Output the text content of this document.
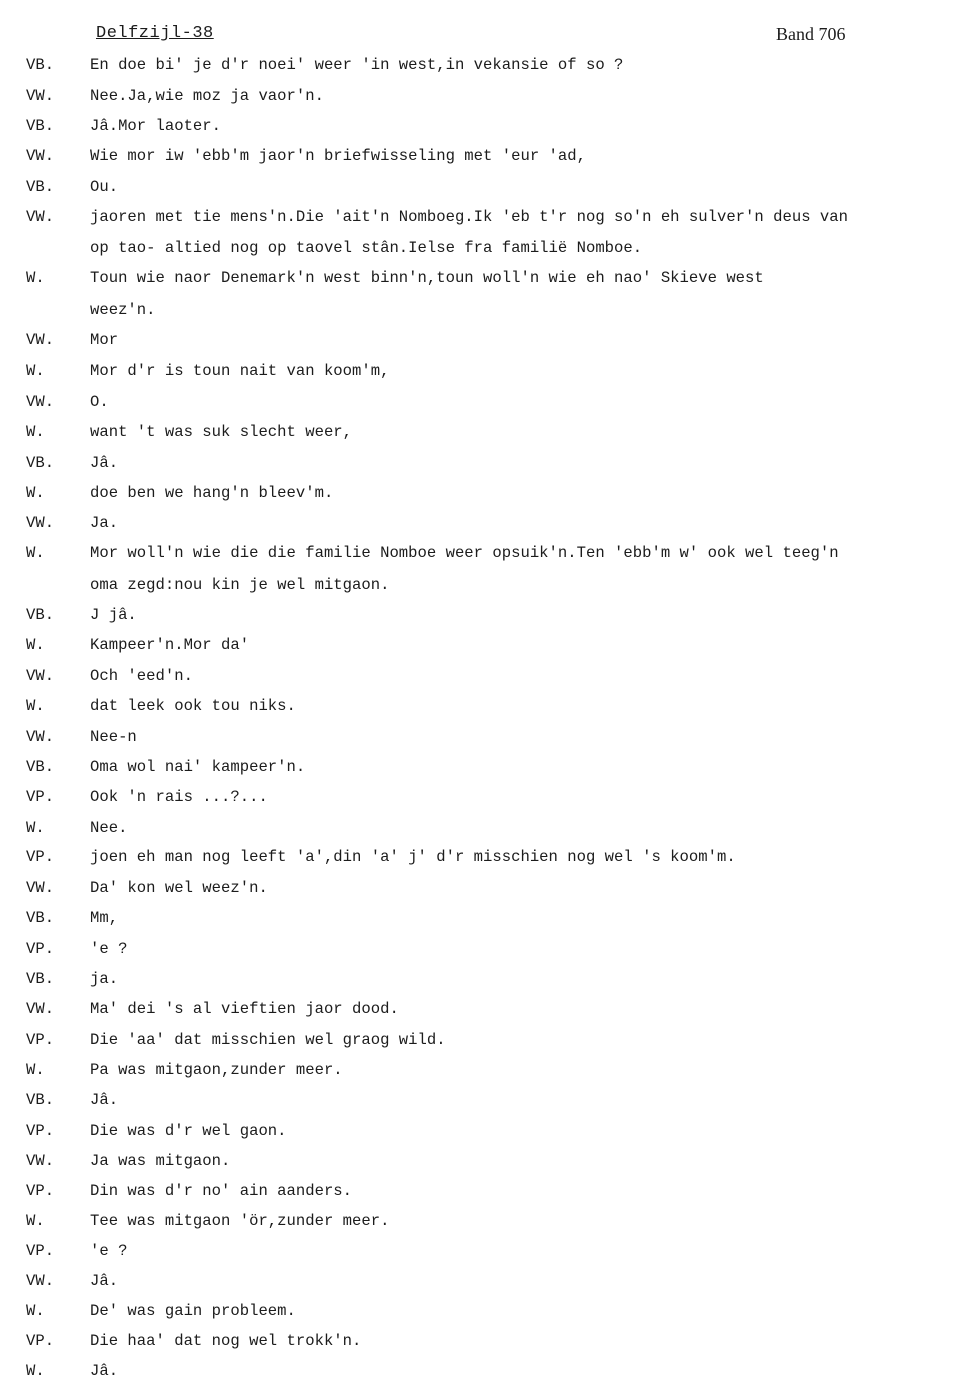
Delfzijl-38	Band 706
VB. En doe bi' je d'r noei' weer 'in west,in vekansie of so ?
VW. Nee.Ja,wie moz ja vaor'n.
VB. Jâ.Mor laoter.
VW. Wie mor iw 'ebb'm jaor'n briefwisseling met 'eur 'ad,
VB. Ou.
VW. jaoren met tie mens'n.Die 'ait'n Nomboeg.Ik 'eb t'r nog so'n eh sulver'n deus van
op tao- altied nog op taovel stân.Ielse fra familië Nomboe.
W.	Toun wie naor Denemark'n west binn'n,toun woll'n wie eh nao' Skieve west
weez'n.
VW. Mor
W.	Mor d'r is toun nait van koom'm,
VW. O.
W.	want 't was suk slecht weer,
VB. Jâ.
W.	doe ben we hang'n bleev'm.
VW. Ja.
W.	Mor woll'n wie die die familie Nomboe weer opsuik'n.Ten 'ebb'm w' ook wel teeg'n
oma zegd:nou kin je wel mitgaon.
VB. J jâ.
W.	Kampeer'n.Mor da'
VW. Och 'eed'n.
W.	dat leek ook tou niks.
VW. Nee-n
VB. Oma wol nai' kampeer'n.
VP. Ook 'n rais ...?...
W.	Nee.
VP. joen eh man nog leeft 'a',din 'a' j' d'r misschien nog wel 's koom'm.
VW. Da' kon wel weez'n.
VB. Mm,
VP. 'e ?
VB. ja.
VW. Ma' dei 's al vieftien jaor dood.
VP. Die 'aa' dat misschien wel graog wild.
W.	Pa was mitgaon,zunder meer.
VB. Jâ.
VP. Die was d'r wel gaon.
VW. Ja was mitgaon.
VP. Din was d'r no' ain aanders.
W.	Tee was mitgaon 'ör,zunder meer.
VP. 'e ?
VW. Jâ.
W.	De' was gain probleem.
VP. Die haa' dat nog wel trokk'n.
W.	Jâ.
